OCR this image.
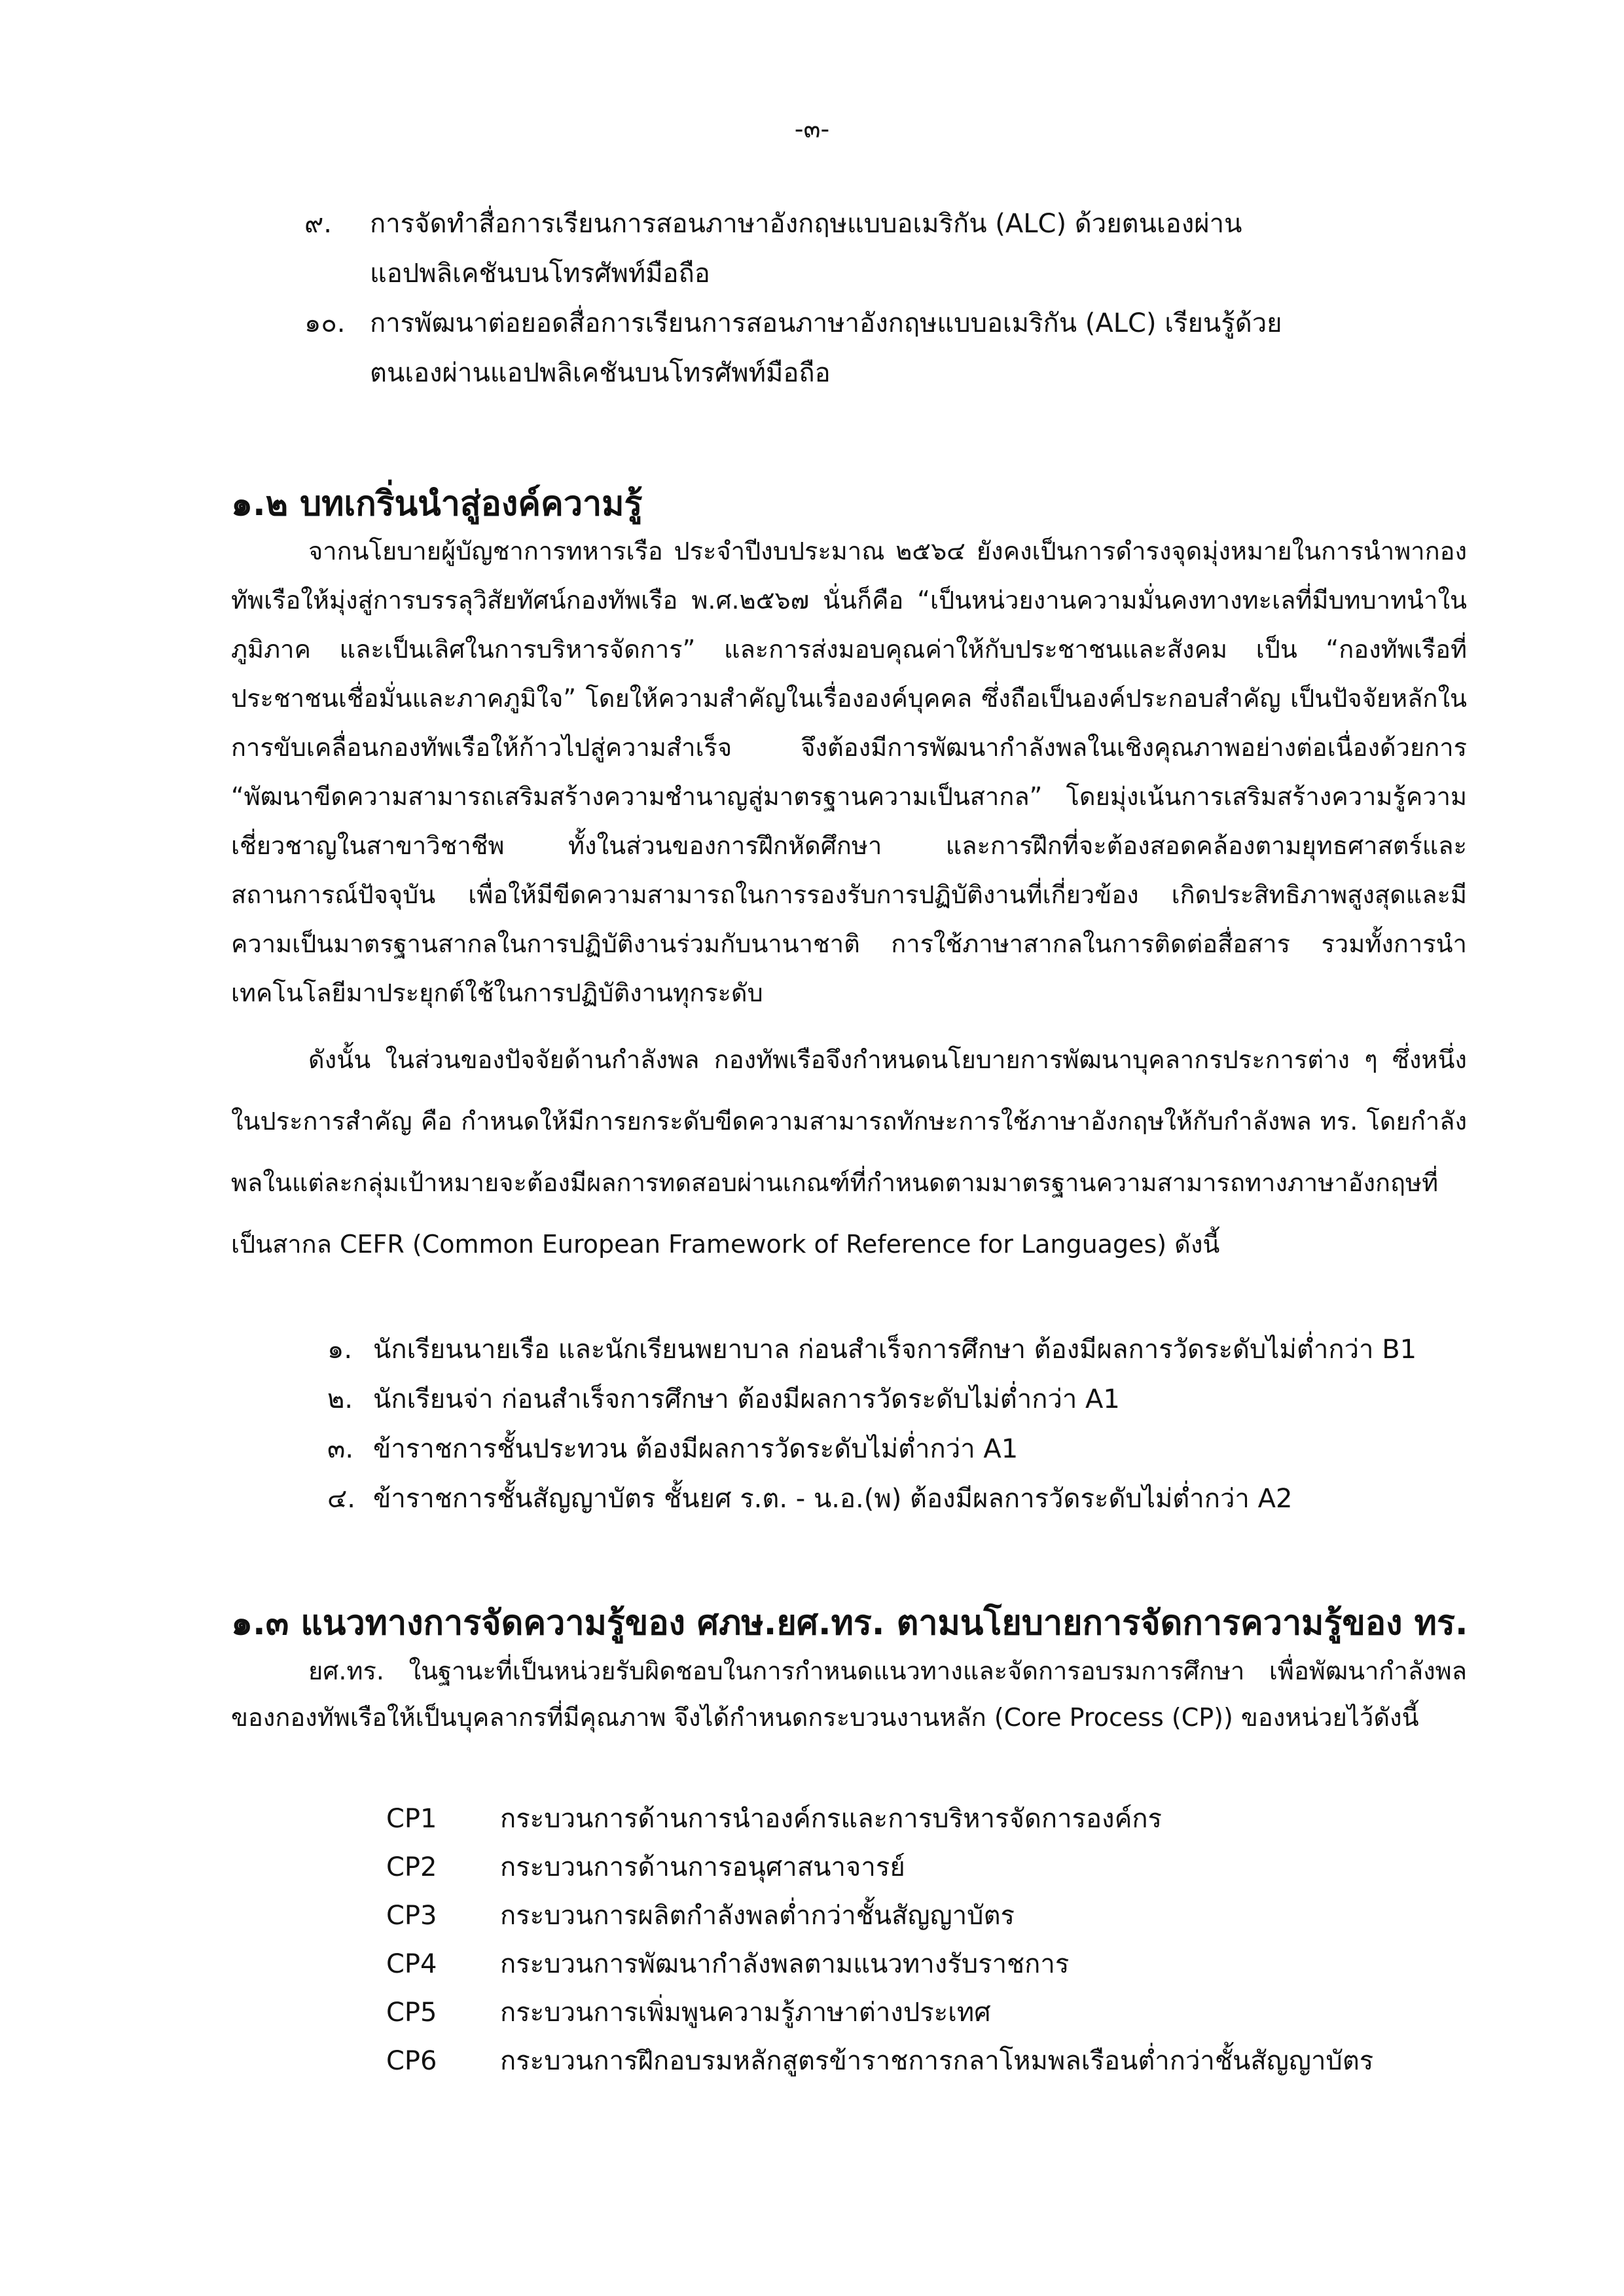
-๓-
๙. การจัดทำสื่อการเรียนการสอนภาษาอังกฤษแบบอเมริกัน (ALC) ด้วยตนเองผ่าน
แอปพลิเคชันบนโทรศัพท์มือถือ
๑๐. การพัฒนาต่อยอดสื่อการเรียนการสอนภาษาอังกฤษแบบอเมริกัน (ALC) เรียนรู้ด้วย
ตนเองผ่านแอปพลิเคชันบนโทรศัพท์มือถือ
๑.๒ บทเกริ่นนำสู่องค์ความรู้
จากนโยบายผู้บัญชาการทหารเรือ ประจำปีงบประมาณ ๒๕๖๔ ยังคงเป็นการดำรงจุดมุ่งหมายในการนำพากองทัพเรือให้มุ่งสู่การบรรลุวิสัยทัศน์กองทัพเรือ พ.ศ.๒๕๖๗ นั่นก็คือ “เป็นหน่วยงานความมั่นคงทางทะเลที่มีบทบาทนำในภูมิภาค และเป็นเลิศในการบริหารจัดการ” และการส่งมอบคุณค่าให้กับประชาชนและสังคม เป็น “กองทัพเรือที่ประชาชนเชื่อมั่นและภาคภูมิใจ” โดยให้ความสำคัญในเรื่ององค์บุคคล ซึ่งถือเป็นองค์ประกอบสำคัญ เป็นปัจจัยหลักในการขับเคลื่อนกองทัพเรือให้ก้าวไปสู่ความสำเร็จ จึงต้องมีการพัฒนากำลังพลในเชิงคุณภาพอย่างต่อเนื่องด้วยการ “พัฒนาขีดความสามารถเสริมสร้างความชำนาญสู่มาตรฐานความเป็นสากล” โดยมุ่งเน้นการเสริมสร้างความรู้ความเชี่ยวชาญในสาขาวิชาชีพ ทั้งในส่วนของการฝึกหัดศึกษา และการฝึกที่จะต้องสอดคล้องตามยุทธศาสตร์และสถานการณ์ปัจจุบัน เพื่อให้มีขีดความสามารถในการรองรับการปฏิบัติงานที่เกี่ยวข้อง เกิดประสิทธิภาพสูงสุดและมีความเป็นมาตรฐานสากลในการปฏิบัติงานร่วมกับนานาชาติ การใช้ภาษาสากลในการติดต่อสื่อสาร รวมทั้งการนำเทคโนโลยีมาประยุกต์ใช้ในการปฏิบัติงานทุกระดับ
ดังนั้น ในส่วนของปัจจัยด้านกำลังพล กองทัพเรือจึงกำหนดนโยบายการพัฒนาบุคลากรประการต่าง ๆ ซึ่งหนึ่งในประการสำคัญ คือ กำหนดให้มีการยกระดับขีดความสามารถทักษะการใช้ภาษาอังกฤษให้กับกำลังพล ทร. โดยกำลังพลในแต่ละกลุ่มเป้าหมายจะต้องมีผลการทดสอบผ่านเกณฑ์ที่กำหนดตามมาตรฐานความสามารถทางภาษาอังกฤษที่เป็นสากล CEFR (Common European Framework of Reference for Languages) ดังนี้
๑. นักเรียนนายเรือ และนักเรียนพยาบาล ก่อนสำเร็จการศึกษา ต้องมีผลการวัดระดับไม่ต่ำกว่า B1
๒. นักเรียนจ่า ก่อนสำเร็จการศึกษา ต้องมีผลการวัดระดับไม่ต่ำกว่า A1
๓. ข้าราชการชั้นประทวน ต้องมีผลการวัดระดับไม่ต่ำกว่า A1
๔. ข้าราชการชั้นสัญญาบัตร ชั้นยศ ร.ต. - น.อ.(พ) ต้องมีผลการวัดระดับไม่ต่ำกว่า A2
๑.๓ แนวทางการจัดความรู้ของ ศภษ.ยศ.ทร. ตามนโยบายการจัดการความรู้ของ ทร.
ยศ.ทร. ในฐานะที่เป็นหน่วยรับผิดชอบในการกำหนดแนวทางและจัดการอบรมการศึกษา เพื่อพัฒนากำลังพลของกองทัพเรือให้เป็นบุคลากรที่มีคุณภาพ จึงได้กำหนดกระบวนงานหลัก (Core Process (CP)) ของหน่วยไว้ดังนี้
CP1 กระบวนการด้านการนำองค์กรและการบริหารจัดการองค์กร
CP2 กระบวนการด้านการอนุศาสนาจารย์
CP3 กระบวนการผลิตกำลังพลต่ำกว่าชั้นสัญญาบัตร
CP4 กระบวนการพัฒนากำลังพลตามแนวทางรับราชการ
CP5 กระบวนการเพิ่มพูนความรู้ภาษาต่างประเทศ
CP6 กระบวนการฝึกอบรมหลักสูตรข้าราชการกลาโหมพลเรือนต่ำกว่าชั้นสัญญาบัตร
